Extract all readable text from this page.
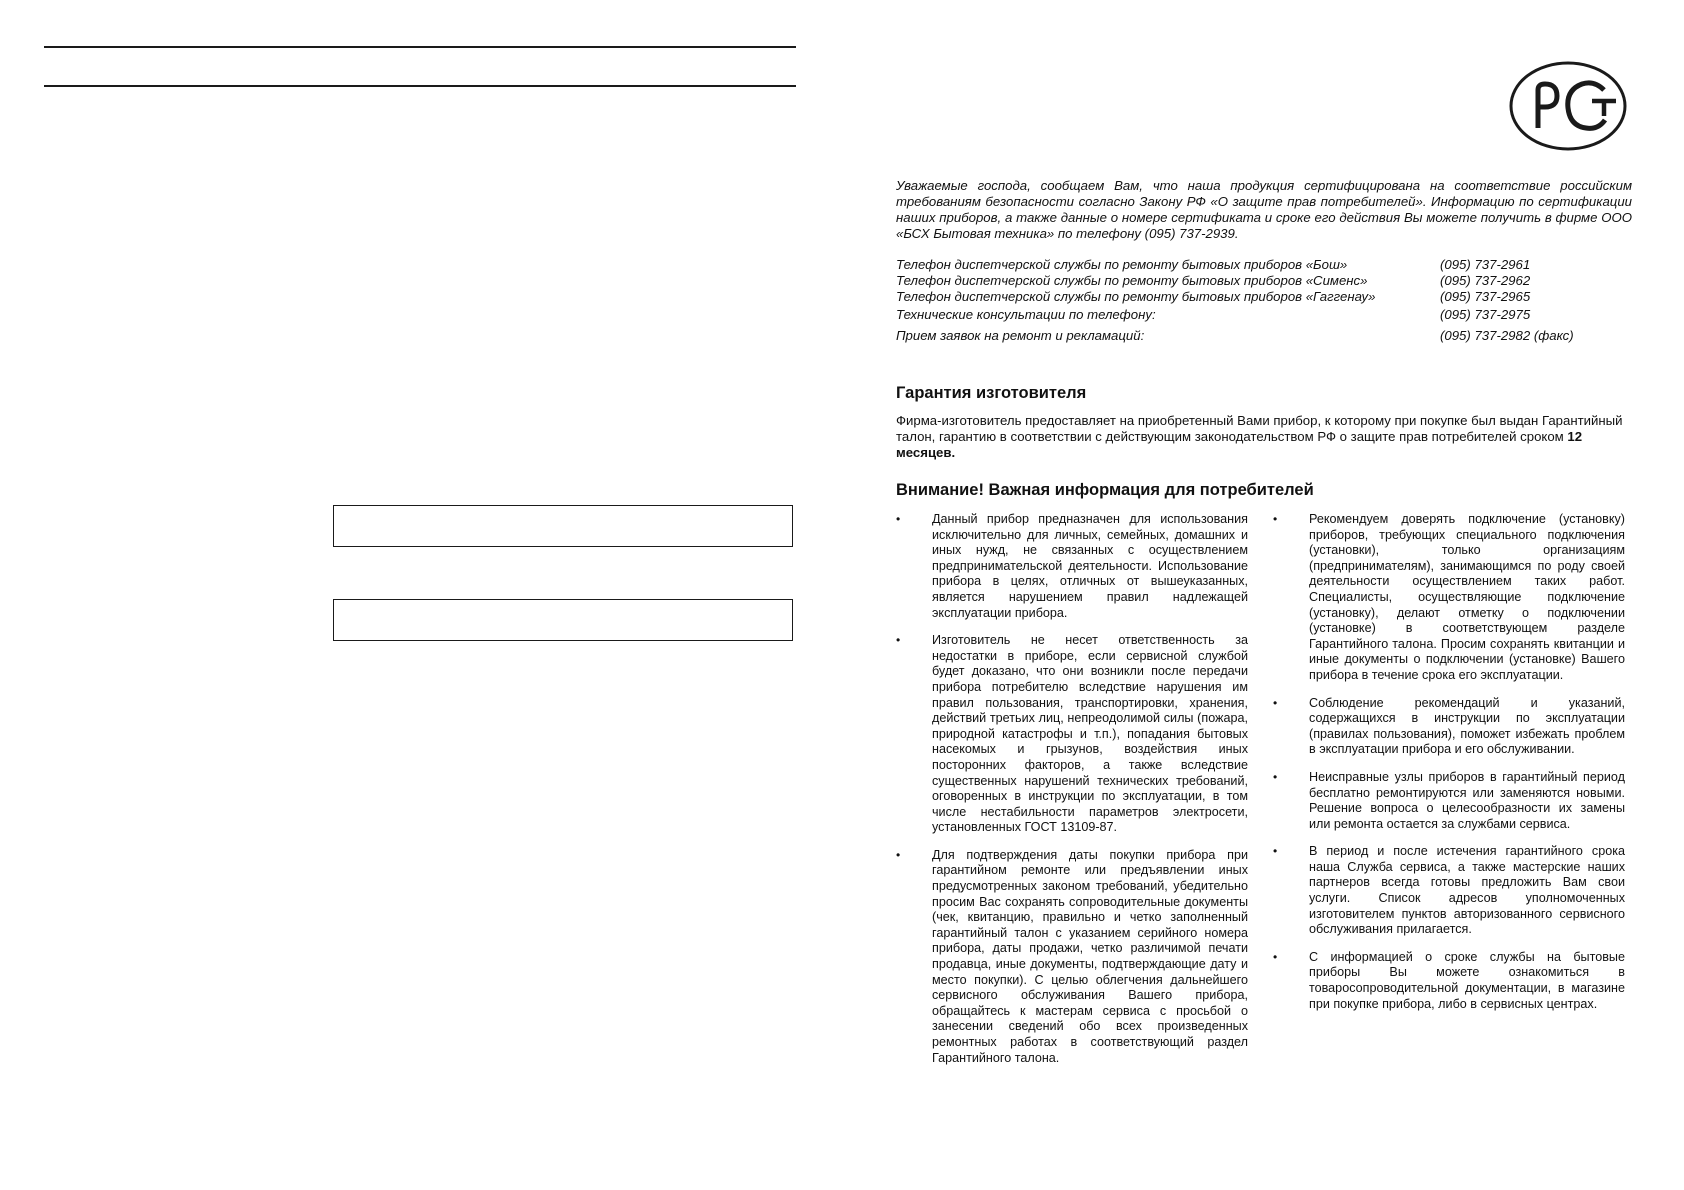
Уважаемые господа, сообщаем Вам, что наша продукция сертифицирована на соответствие российским требованиям безопасности согласно Закону РФ «О защите прав потребителей». Информацию по сертификации наших приборов, а также данные о номере сертификата и сроке его действия Вы можете получить в фирме ООО «БСХ Бытовая техника» по телефону (095) 737-2939.
Телефон диспетчерской службы по ремонту бытовых приборов «Бош»	(095) 737-2961
Телефон диспетчерской службы по ремонту бытовых приборов «Сименс»	(095) 737-2962
Телефон диспетчерской службы по ремонту бытовых приборов «Гаггенау»	(095) 737-2965
Технические консультации по телефону:	(095) 737-2975
Прием заявок на ремонт и рекламаций:	(095) 737-2982 (факс)
Гарантия изготовителя
Фирма-изготовитель предоставляет на приобретенный Вами прибор, к которому при покупке был выдан Гарантийный талон, гарантию в соответствии с действующим законодательством РФ о защите прав потребителей сроком 12 месяцев.
Внимание! Важная информация для потребителей
•	Данный прибор предназначен для использования исключительно для личных, семейных, домашних и иных нужд, не связанных с осуществлением предпринимательской деятельности. Использование прибора в целях, отличных от вышеуказанных, является нарушением правил надлежащей эксплуатации прибора.
•	Изготовитель не несет ответственность за недостатки в приборе, если сервисной службой будет доказано, что они возникли после передачи прибора потребителю вследствие нарушения им правил пользования, транспортировки, хранения, действий третьих лиц, непреодолимой силы (пожара, природной катастрофы и т.п.), попадания бытовых насекомых и грызунов, воздействия иных посторонних факторов, а также вследствие существенных нарушений технических требований, оговоренных в инструкции по эксплуатации, в том числе нестабильности параметров электросети, установленных ГОСТ 13109-87.
•	Для подтверждения даты покупки прибора при гарантийном ремонте или предъявлении иных предусмотренных законом требований, убедительно просим Вас сохранять сопроводительные документы (чек, квитанцию, правильно и четко заполненный гарантийный талон с указанием серийного номера прибора, даты продажи, четко различимой печати продавца, иные документы, подтверждающие дату и место покупки). С целью облегчения дальнейшего сервисного обслуживания Вашего прибора, обращайтесь к мастерам сервиса с просьбой о занесении сведений обо всех произведенных ремонтных работах в соответствующий раздел Гарантийного талона.
•	Рекомендуем доверять подключение (установку) приборов, требующих специального подключения (установки), только организациям (предпринимателям), занимающимся по роду своей деятельности осуществлением таких работ. Специалисты, осуществляющие подключение (установку), делают отметку о подключении (установке) в соответствующем разделе Гарантийного талона. Просим сохранять квитанции и иные документы о подключении (установке) Вашего прибора в течение срока его эксплуатации.
•	Соблюдение рекомендаций и указаний, содержащихся в инструкции по эксплуатации (правилах пользования), поможет избежать проблем в эксплуатации прибора и его обслуживании.
•	Неисправные узлы приборов в гарантийный период бесплатно ремонтируются или заменяются новыми. Решение вопроса о целесообразности их замены или ремонта остается за службами сервиса.
•	В период и после истечения гарантийного срока наша Служба сервиса, а также мастерские наших партнеров всегда готовы предложить Вам свои услуги. Список адресов уполномоченных изготовителем пунктов авторизованного сервисного обслуживания прилагается.
•	С информацией о сроке службы на бытовые приборы Вы можете ознакомиться в товаросопроводительной документации, в магазине при покупке прибора, либо в сервисных центрах.
